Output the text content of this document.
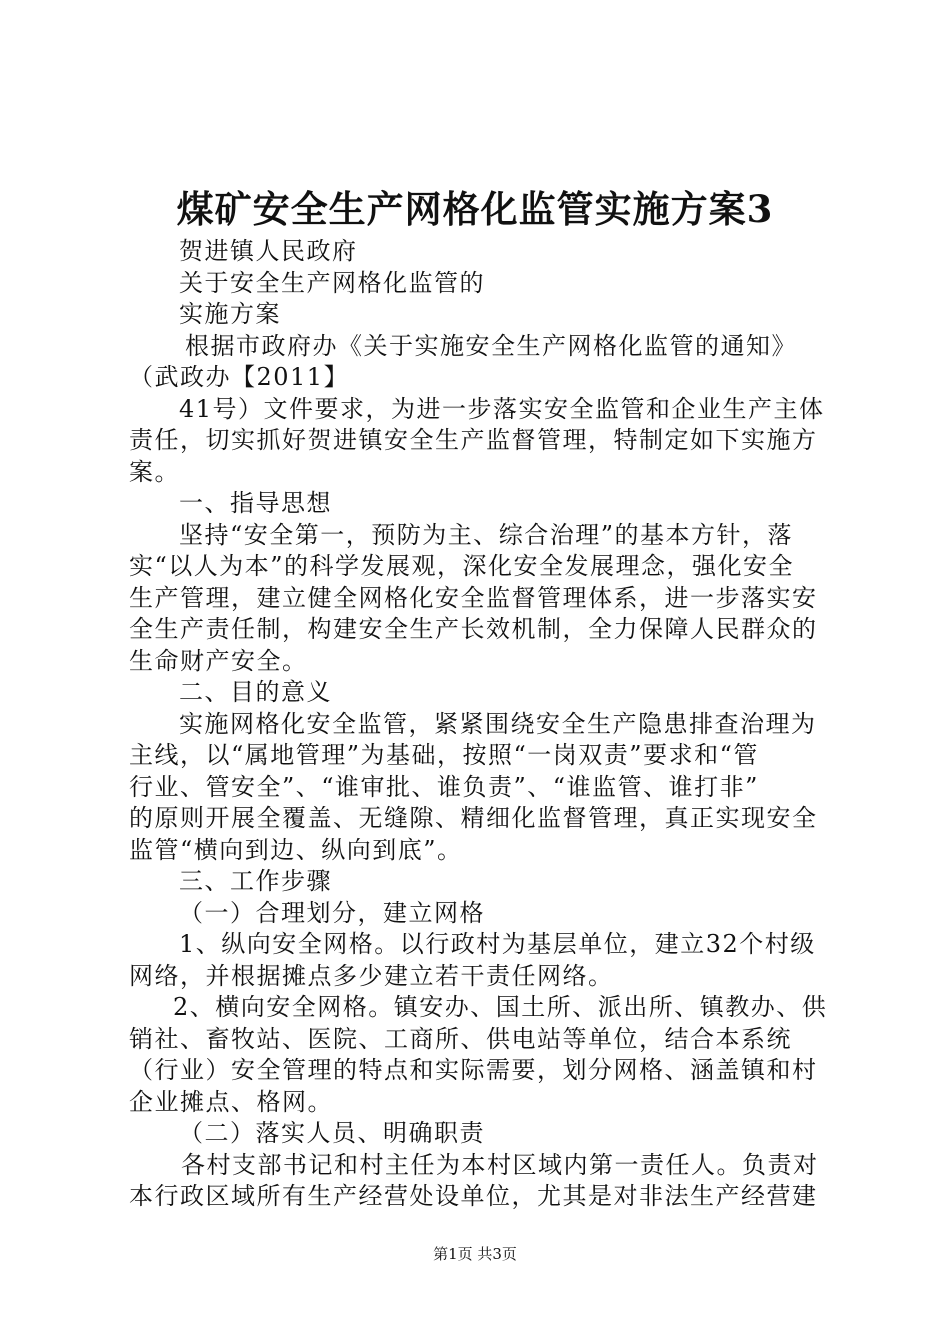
煤矿安全生产网格化监管实施方案3
贺进镇人民政府
关于安全生产网格化监管的
实施方案
根据市政府办《关于实施安全生产网格化监管的通知》
（武政办【2011】
41号）文件要求，为进一步落实安全监管和企业生产主体
责任，切实抓好贺进镇安全生产监督管理，特制定如下实施方
案。
一、指导思想
坚持“安全第一，预防为主、综合治理”的基本方针，落
实“以人为本”的科学发展观，深化安全发展理念，强化安全
生产管理，建立健全网格化安全监督管理体系，进一步落实安
全生产责任制，构建安全生产长效机制，全力保障人民群众的
生命财产安全。
二、目的意义
实施网格化安全监管，紧紧围绕安全生产隐患排查治理为
主线，以“属地管理”为基础，按照“一岗双责”要求和“管
行业、管安全”、“谁审批、谁负责”、“谁监管、谁打非”
的原则开展全覆盖、无缝隙、精细化监督管理，真正实现安全
监管“横向到边、纵向到底”。
三、工作步骤
（一）合理划分，建立网格
1、纵向安全网格。以行政村为基层单位，建立32个村级
网络，并根据摊点多少建立若干责任网络。
2、横向安全网格。镇安办、国土所、派出所、镇教办、供
销社、畜牧站、医院、工商所、供电站等单位，结合本系统
（行业）安全管理的特点和实际需要，划分网格、涵盖镇和村
企业摊点、格网。
（二）落实人员、明确职责
各村支部书记和村主任为本村区域内第一责任人。负责对
本行政区域所有生产经营处设单位，尤其是对非法生产经营建
第1页 共3页
